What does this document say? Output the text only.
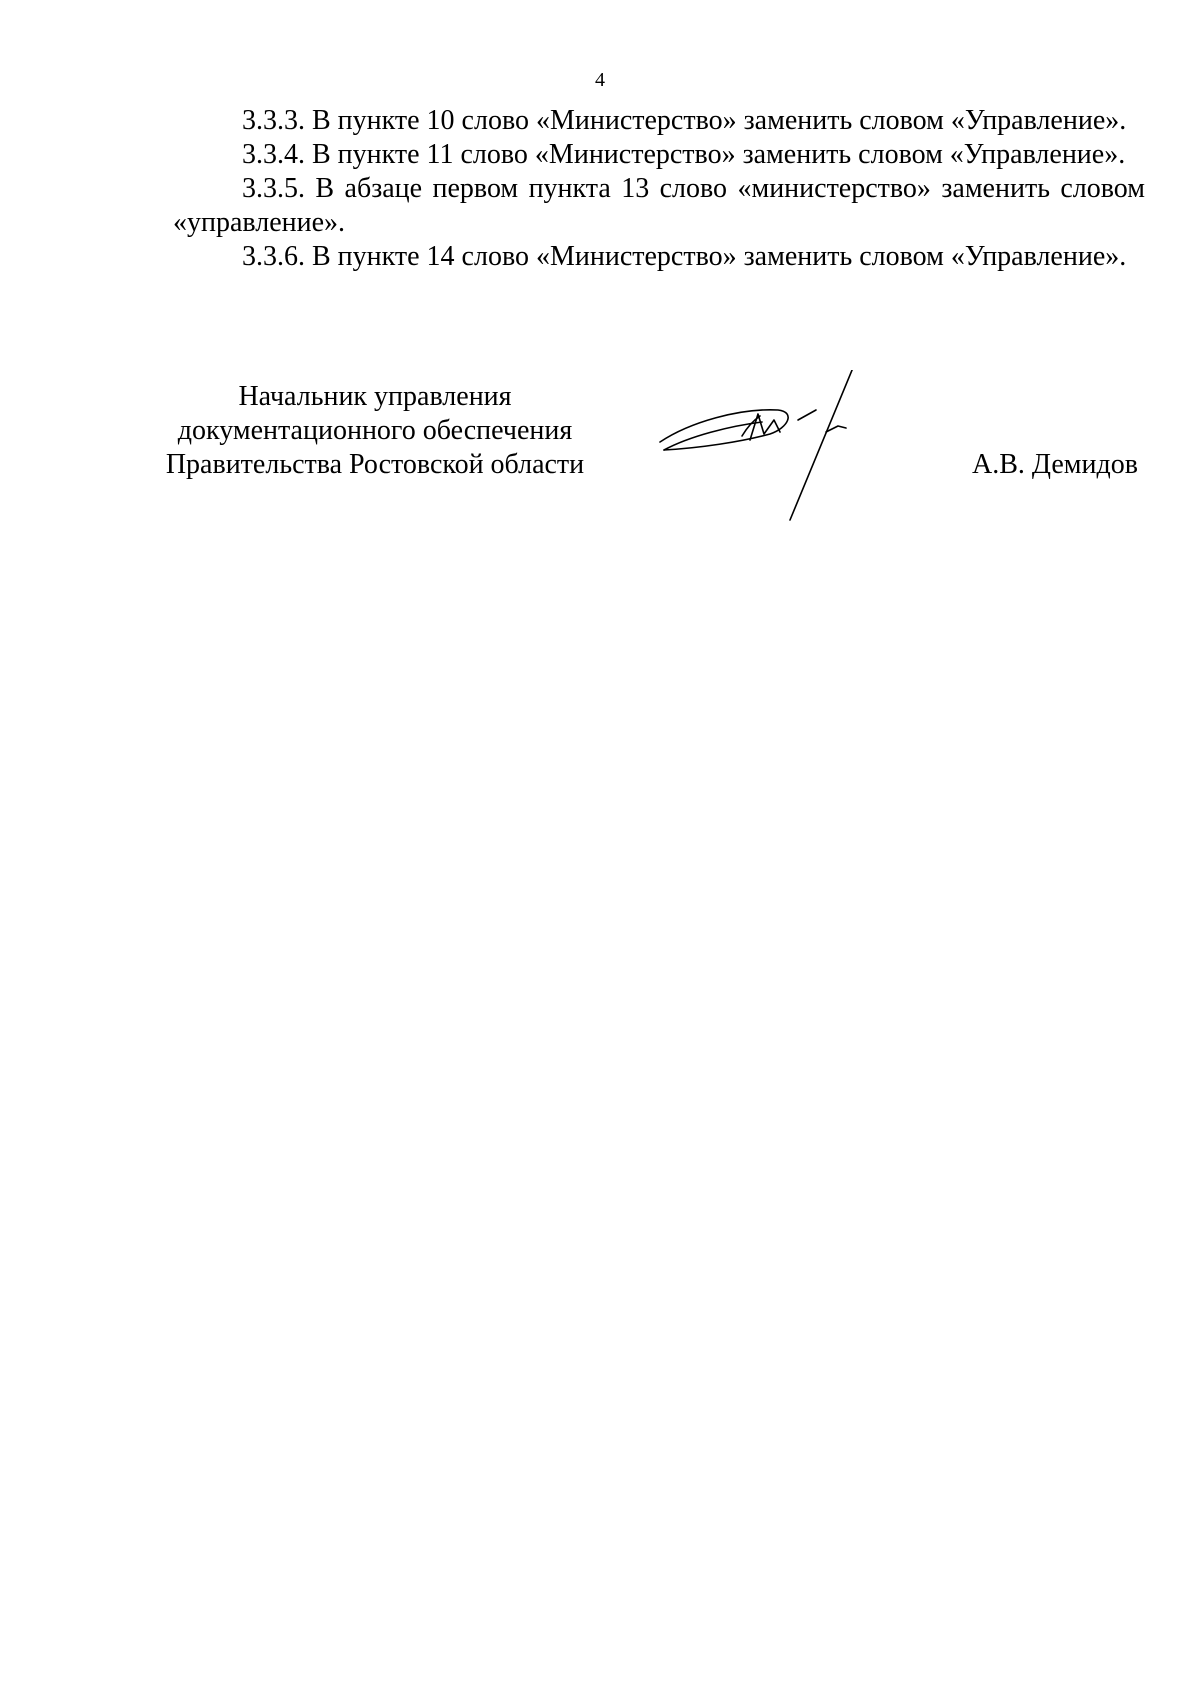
4

3.3.3. В пункте 10 слово «Министерство» заменить словом «Управление».

3.3.4. В пункте 11 слово «Министерство» заменить словом «Управление».

3.3.5. В абзаце первом пункта 13 слово «министерство» заменить словом «управление».

3.3.6. В пункте 14 слово «Министерство» заменить словом «Управление».

Начальник управления
документационного обеспечения
Правительства Ростовской области	А.В. Демидов
